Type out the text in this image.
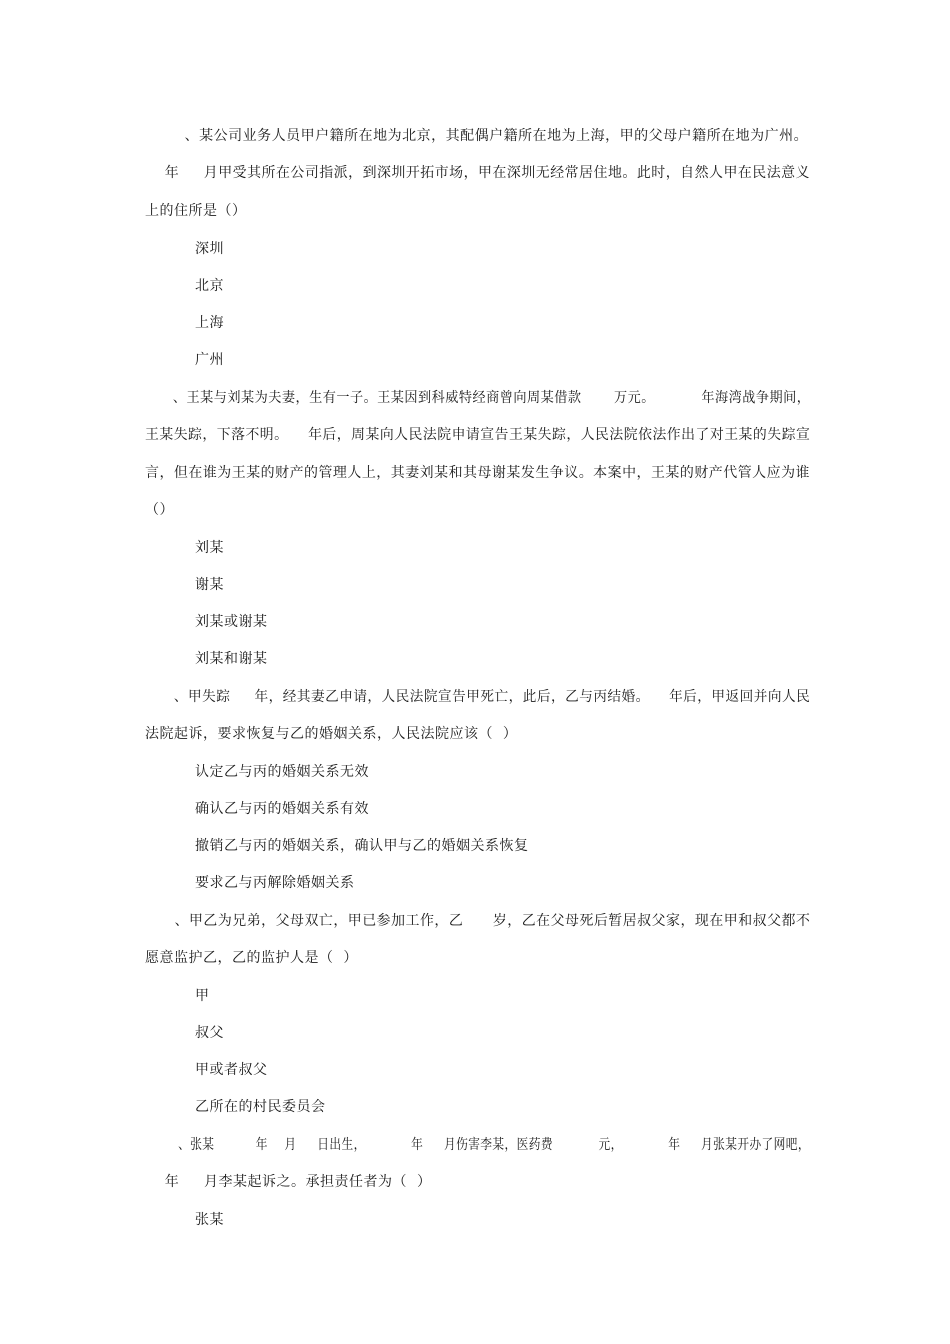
、某公司业务人员甲户籍所在地为北京，其配偶户籍所在地为上海，甲的父母户籍所在地为广州。
年     月甲受其所在公司指派，到深圳开拓市场，甲在深圳无经常居住地。此时，自然人甲在民法意义
上的住所是（）
深圳
北京
上海
广州
、王某与刘某为夫妻，生有一子。王某因到科威特经商曾向周某借款       万元。          年海湾战争期间，
王某失踪，下落不明。    年后，周某向人民法院申请宣告王某失踪，人民法院依法作出了对王某的失踪宣
言，但在谁为王某的财产的管理人上，其妻刘某和其母谢某发生争议。本案中，王某的财产代管人应为谁
（）
刘某
谢某
刘某或谢某
刘某和谢某
、甲失踪     年，经其妻乙申请，人民法院宣告甲死亡，此后，乙与丙结婚。    年后，甲返回并向人民
法院起诉，要求恢复与乙的婚姻关系，人民法院应该（  ）
认定乙与丙的婚姻关系无效
确认乙与丙的婚姻关系有效
撤销乙与丙的婚姻关系，确认甲与乙的婚姻关系恢复
要求乙与丙解除婚姻关系
、甲乙为兄弟，父母双亡，甲已参加工作，乙      岁，乙在父母死后暂居叔父家，现在甲和叔父都不
愿意监护乙，乙的监护人是（  ）
甲
叔父
甲或者叔父
乙所在的村民委员会
、张某          年    月     日出生，           年     月伤害李某，医药费           元，           年     月张某开办了网吧，
年     月李某起诉之。承担责任者为（  ）
张某
